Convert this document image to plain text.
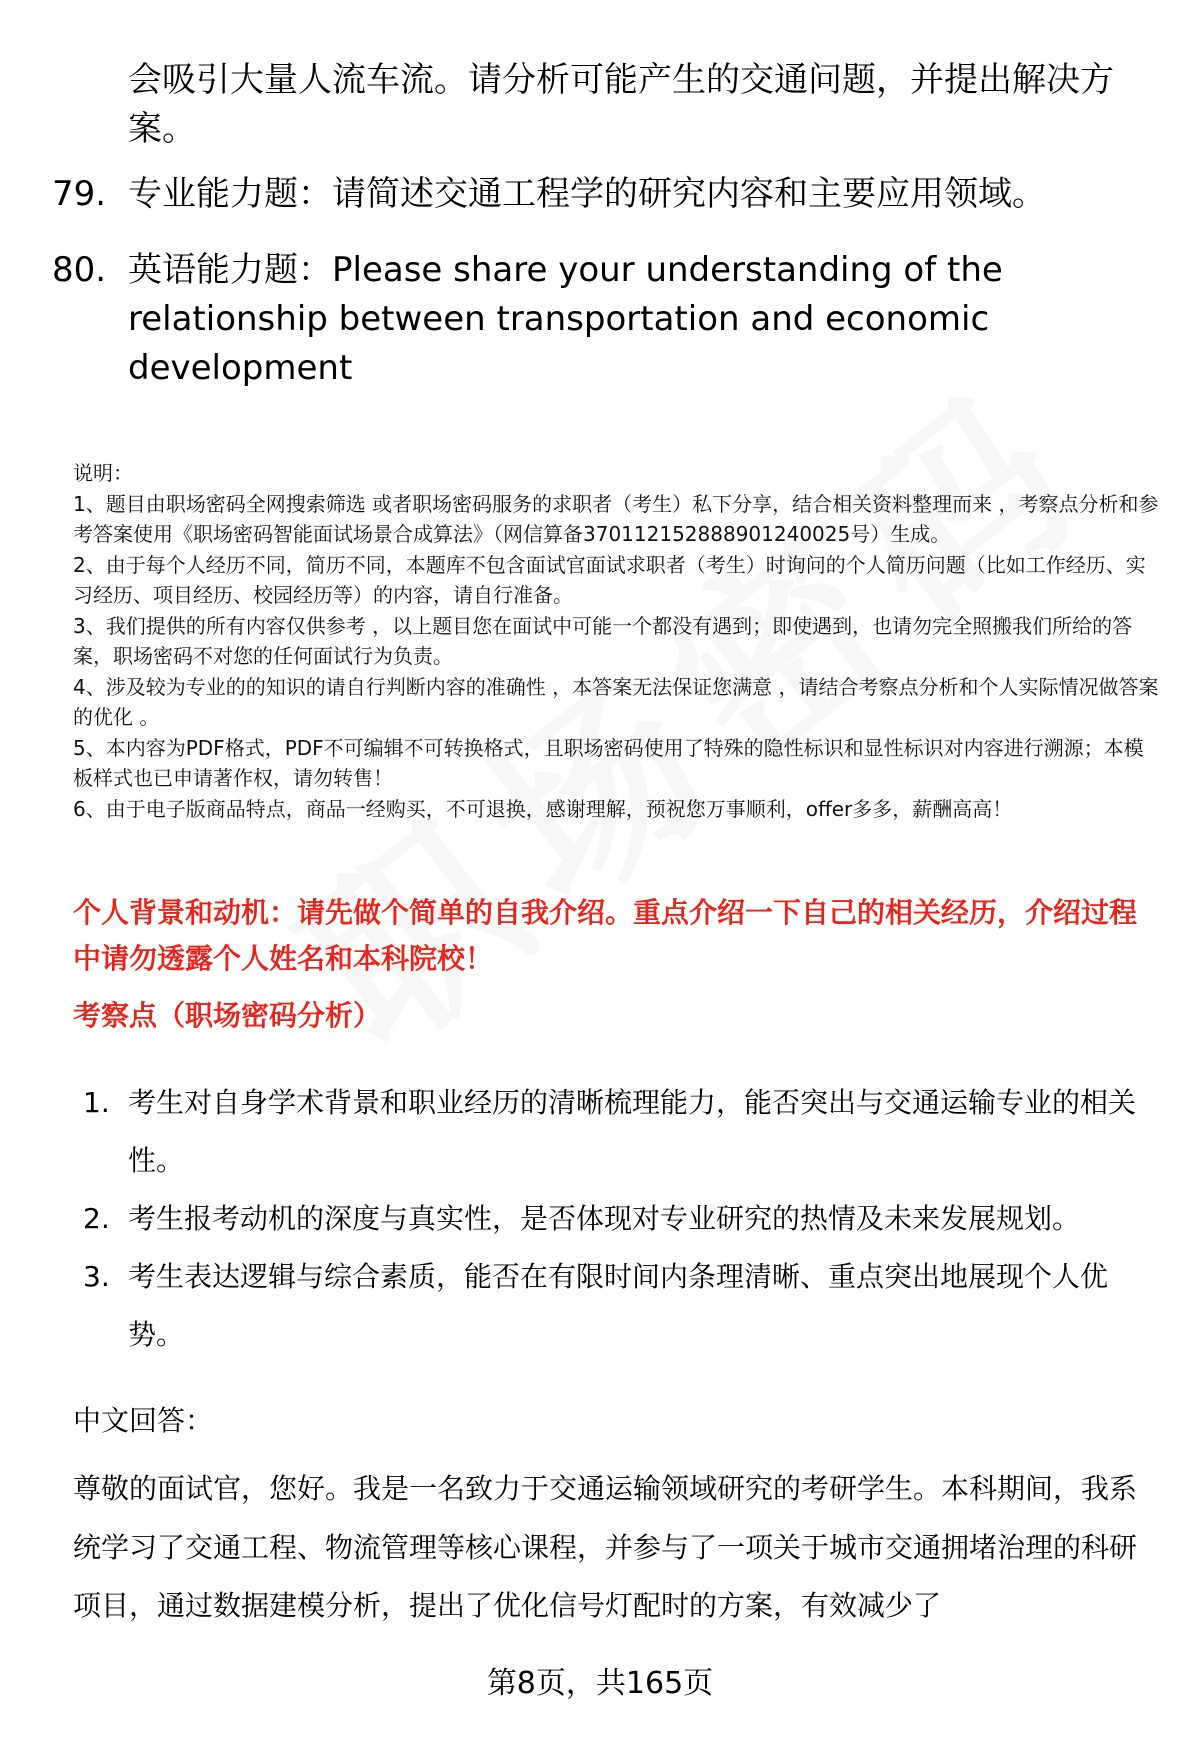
会吸引大量人流车流。请分析可能产生的交通问题，并提出解决方案。
79. 专业能力题：请简述交通工程学的研究内容和主要应用领域。
80. 英语能力题：Please share your understanding of the relationship between transportation and economic development

说明：

1、题目由职场密码全网搜索筛选 或者职场密码服务的求职者（考生）私下分享，结合相关资料整理而来 ，考察点分析和参考答案使用《职场密码智能面试场景合成算法》（网信算备370112152888901240025号）生成。

2、由于每个人经历不同，简历不同，本题库不包含面试官面试求职者（考生）时询问的个人简历问题（比如工作经历、实习经历、项目经历、校园经历等）的内容，请自行准备。

3、我们提供的所有内容仅供参考 ，以上题目您在面试中可能一个都没有遇到；即使遇到，也请勿完全照搬我们所给的答案，职场密码不对您的任何面试行为负责。

4、涉及较为专业的的知识的请自行判断内容的准确性 ，本答案无法保证您满意 ，请结合考察点分析和个人实际情况做答案的优化 。

5、本内容为PDF格式，PDF不可编辑不可转换格式，且职场密码使用了特殊的隐性标识和显性标识对内容进行溯源；本模板样式也已申请著作权，请勿转售！

6、由于电子版商品特点，商品一经购买，不可退换，感谢理解，预祝您万事顺利，offer多多，薪酬高高！

个人背景和动机：请先做个简单的自我介绍。重点介绍一下自己的相关经历，介绍过程中请勿透露个人姓名和本科院校！
考察点（职场密码分析）
1. 考生对自身学术背景和职业经历的清晰梳理能力，能否突出与交通运输专业的相关性。
2. 考生报考动机的深度与真实性，是否体现对专业研究的热情及未来发展规划。
3. 考生表达逻辑与综合素质，能否在有限时间内条理清晰、重点突出地展现个人优势。
中文回答：
尊敬的面试官，您好。我是一名致力于交通运输领域研究的考研学生。本科期间，我系统学习了交通工程、物流管理等核心课程，并参与了一项关于城市交通拥堵治理的科研项目，通过数据建模分析，提出了优化信号灯配时的方案，有效减少了
第8页，共165页
